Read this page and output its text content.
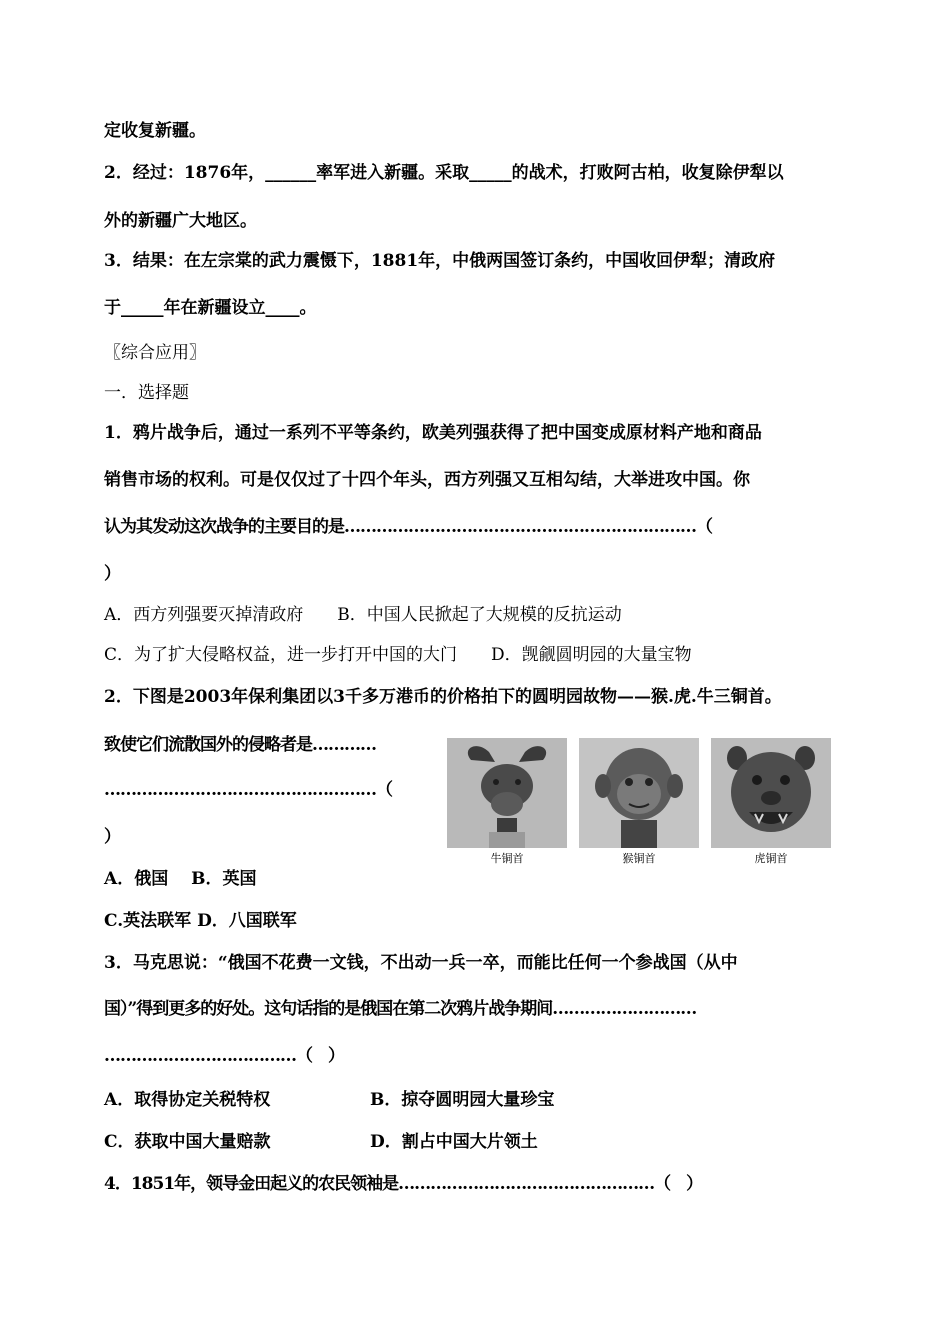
定收复新疆。
2．经过：1876年，______率军进入新疆。采取_____的战术，打败阿古柏，收复除伊犁以
外的新疆广大地区。
3．结果：在左宗棠的武力震慑下，1881年，中俄两国签订条约，中国收回伊犁；清政府
于_____年在新疆设立____。
〖综合应用〗
一．选择题
1．鸦片战争后，通过一系列不平等条约，欧美列强获得了把中国变成原材料产地和商品
销售市场的权利。可是仅仅过了十四个年头，西方列强又互相勾结，大举进攻中国。你
认为其发动这次战争的主要目的是…………………………………………………………（
）
A．西方列强要灭掉清政府　　B．中国人民掀起了大规模的反抗运动
C．为了扩大侵略权益，进一步打开中国的大门　　D．觊觎圆明园的大量宝物
2．下图是2003年保利集团以3千多万港币的价格拍下的圆明园故物——猴.虎.牛三铜首。
致使它们流散国外的侵略者是…………
……………………………………………（
）
A．俄国　 B．英国
C.英法联军 D．八国联军
3．马克思说：“俄国不花费一文钱，不出动一兵一卒，而能比任何一个参战国（从中
国）”得到更多的好处。这句话指的是俄国在第二次鸦片战争期间………………………
………………………………（　）
A．取得协定关税特权	B．掠夺圆明园大量珍宝
C．获取中国大量赔款	D．割占中国大片领土
4．1851年，领导金田起义的农民领袖是…………………………………………（　）
牛铜首	猴铜首	虎铜首
